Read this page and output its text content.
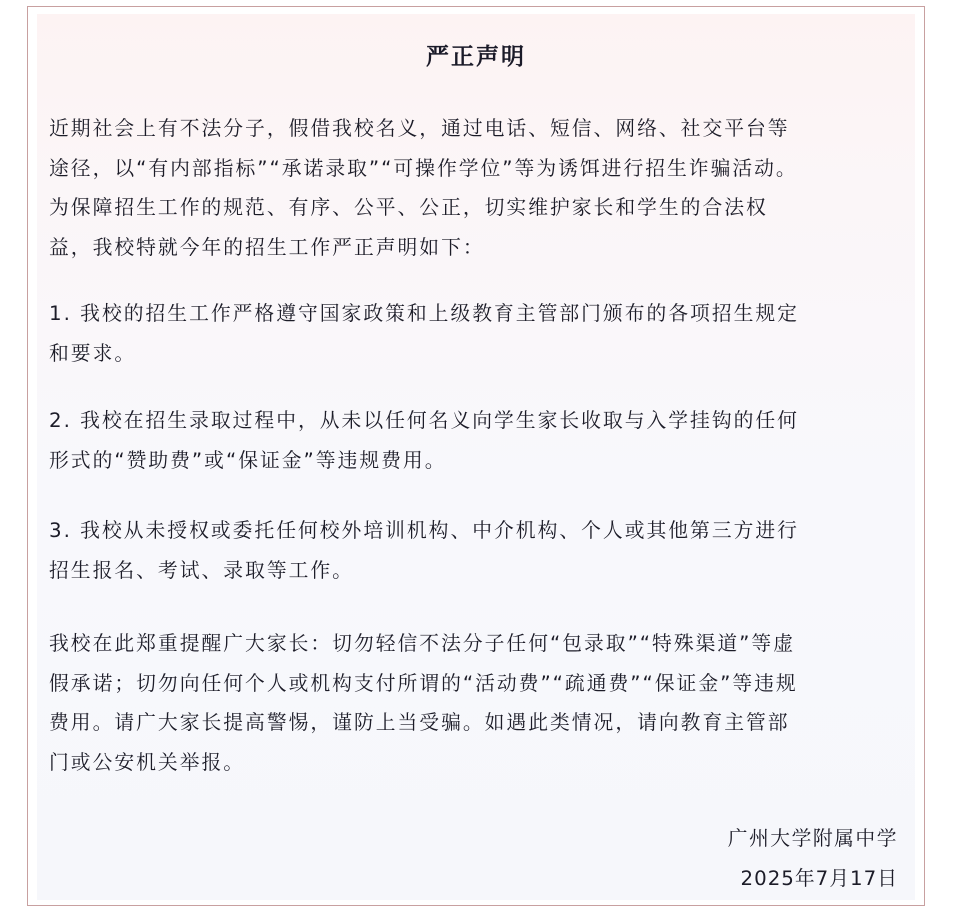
严正声明

近期社会上有不法分子，假借我校名义，通过电话、短信、网络、社交平台等
途径，以“有内部指标”“承诺录取”“可操作学位”等为诱饵进行招生诈骗活动。
为保障招生工作的规范、有序、公平、公正，切实维护家长和学生的合法权
益，我校特就今年的招生工作严正声明如下：

1. 我校的招生工作严格遵守国家政策和上级教育主管部门颁布的各项招生规定
和要求。

2. 我校在招生录取过程中，从未以任何名义向学生家长收取与入学挂钩的任何
形式的“赞助费”或“保证金”等违规费用。

3. 我校从未授权或委托任何校外培训机构、中介机构、个人或其他第三方进行
招生报名、考试、录取等工作。

我校在此郑重提醒广大家长：切勿轻信不法分子任何“包录取”“特殊渠道”等虚
假承诺；切勿向任何个人或机构支付所谓的“活动费”“疏通费”“保证金”等违规
费用。请广大家长提高警惕，谨防上当受骗。如遇此类情况，请向教育主管部
门或公安机关举报。

广州大学附属中学
2025年7月17日
